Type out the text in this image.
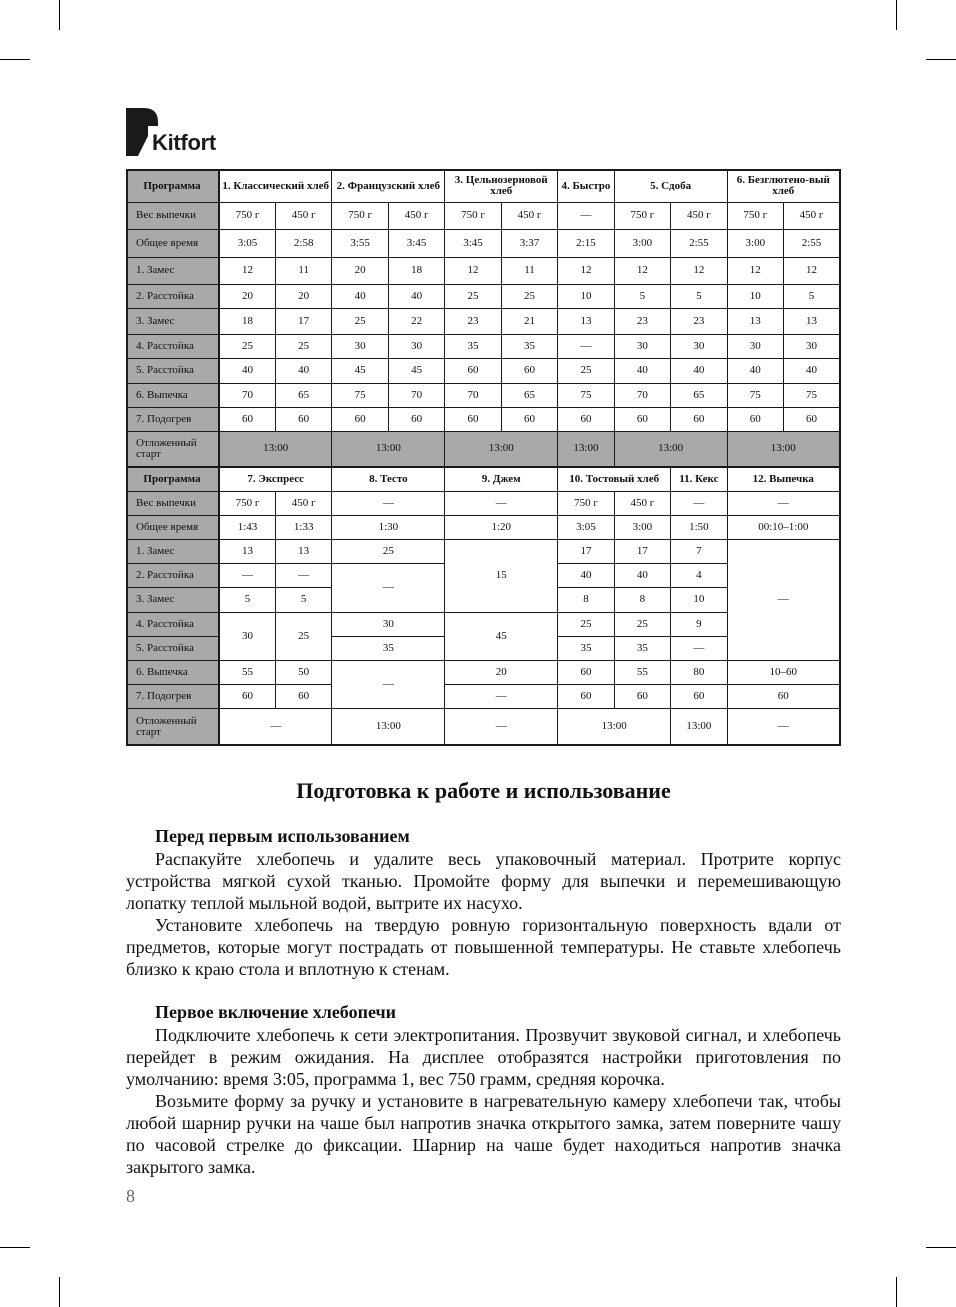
Kitfort
Программа	1. Классический хлеб		2. Французский хлеб		3. Цельнозерновой хлеб		4. Быстро	5. Сдоба		6. Безглютено-вый хлеб	
Вес выпечки	750 г	450 г	750 г	450 г	750 г	450 г	—	750 г	450 г	750 г	450 г
Общее время	3:05	2:58	3:55	3:45	3:45	3:37	2:15	3:00	2:55	3:00	2:55
1. Замес	12	11	20	18	12	11	12	12	12	12	12
2. Расстойка	20	20	40	40	25	25	10	5	5	10	5
3. Замес	18	17	25	22	23	21	13	23	23	13	13
4. Расстойка	25	25	30	30	35	35	—	30	30	30	30
5. Расстойка	40	40	45	45	60	60	25	40	40	40	40
6. Выпечка	70	65	75	70	70	65	75	70	65	75	75
7. Подогрев	60	60	60	60	60	60	60	60	60	60	60
Отложенный старт	13:00		13:00		13:00		13:00	13:00		13:00	
Программа	7. Экспресс		8. Тесто	9. Джем	10. Тостовый хлеб		11. Кекс	12. Выпечка
Вес выпечки	750 г	450 г	—	—	750 г	450 г	—	—
Общее время	1:43	1:33	1:30	1:20	3:05	3:00	1:50	00:10–1:00
1. Замес	13	13	25	15	17	17	7	—
2. Расстойка	—	—	—		40	40	4	
3. Замес	5	5			8	8	10	
4. Расстойка	30	25	30	45	25	25	9	
5. Расстойка			35		35	35	—	
6. Выпечка	55	50	—	20	60	55	80	10–60
7. Подогрев	60	60		—	60	60	60	60
Отложенный старт	—		13:00	—	13:00		13:00	—
Подготовка к работе и использование
Перед первым использованием

Распакуйте хлебопечь и удалите весь упаковочный материал. Протрите корпус устройства мягкой сухой тканью. Промойте форму для выпечки и перемешивающую лопатку теплой мыльной водой, вытрите их насухо.

Установите хлебопечь на твердую ровную горизонтальную поверхность вдали от предметов, которые могут пострадать от повышенной температуры. Не ставьте хлебопечь близко к краю стола и вплотную к стенам.

Первое включение хлебопечи

Подключите хлебопечь к сети электропитания. Прозвучит звуковой сигнал, и хлебопечь перейдет в режим ожидания. На дисплее отобразятся настройки приготовления по умолчанию: время 3:05, программа 1, вес 750 грамм, средняя корочка.

Возьмите форму за ручку и установите в нагревательную камеру хлебопечи так, чтобы любой шарнир ручки на чаше был напротив значка открытого замка, затем поверните чашу по часовой стрелке до фиксации. Шарнир на чаше будет находиться напротив значка закрытого замка.

8
